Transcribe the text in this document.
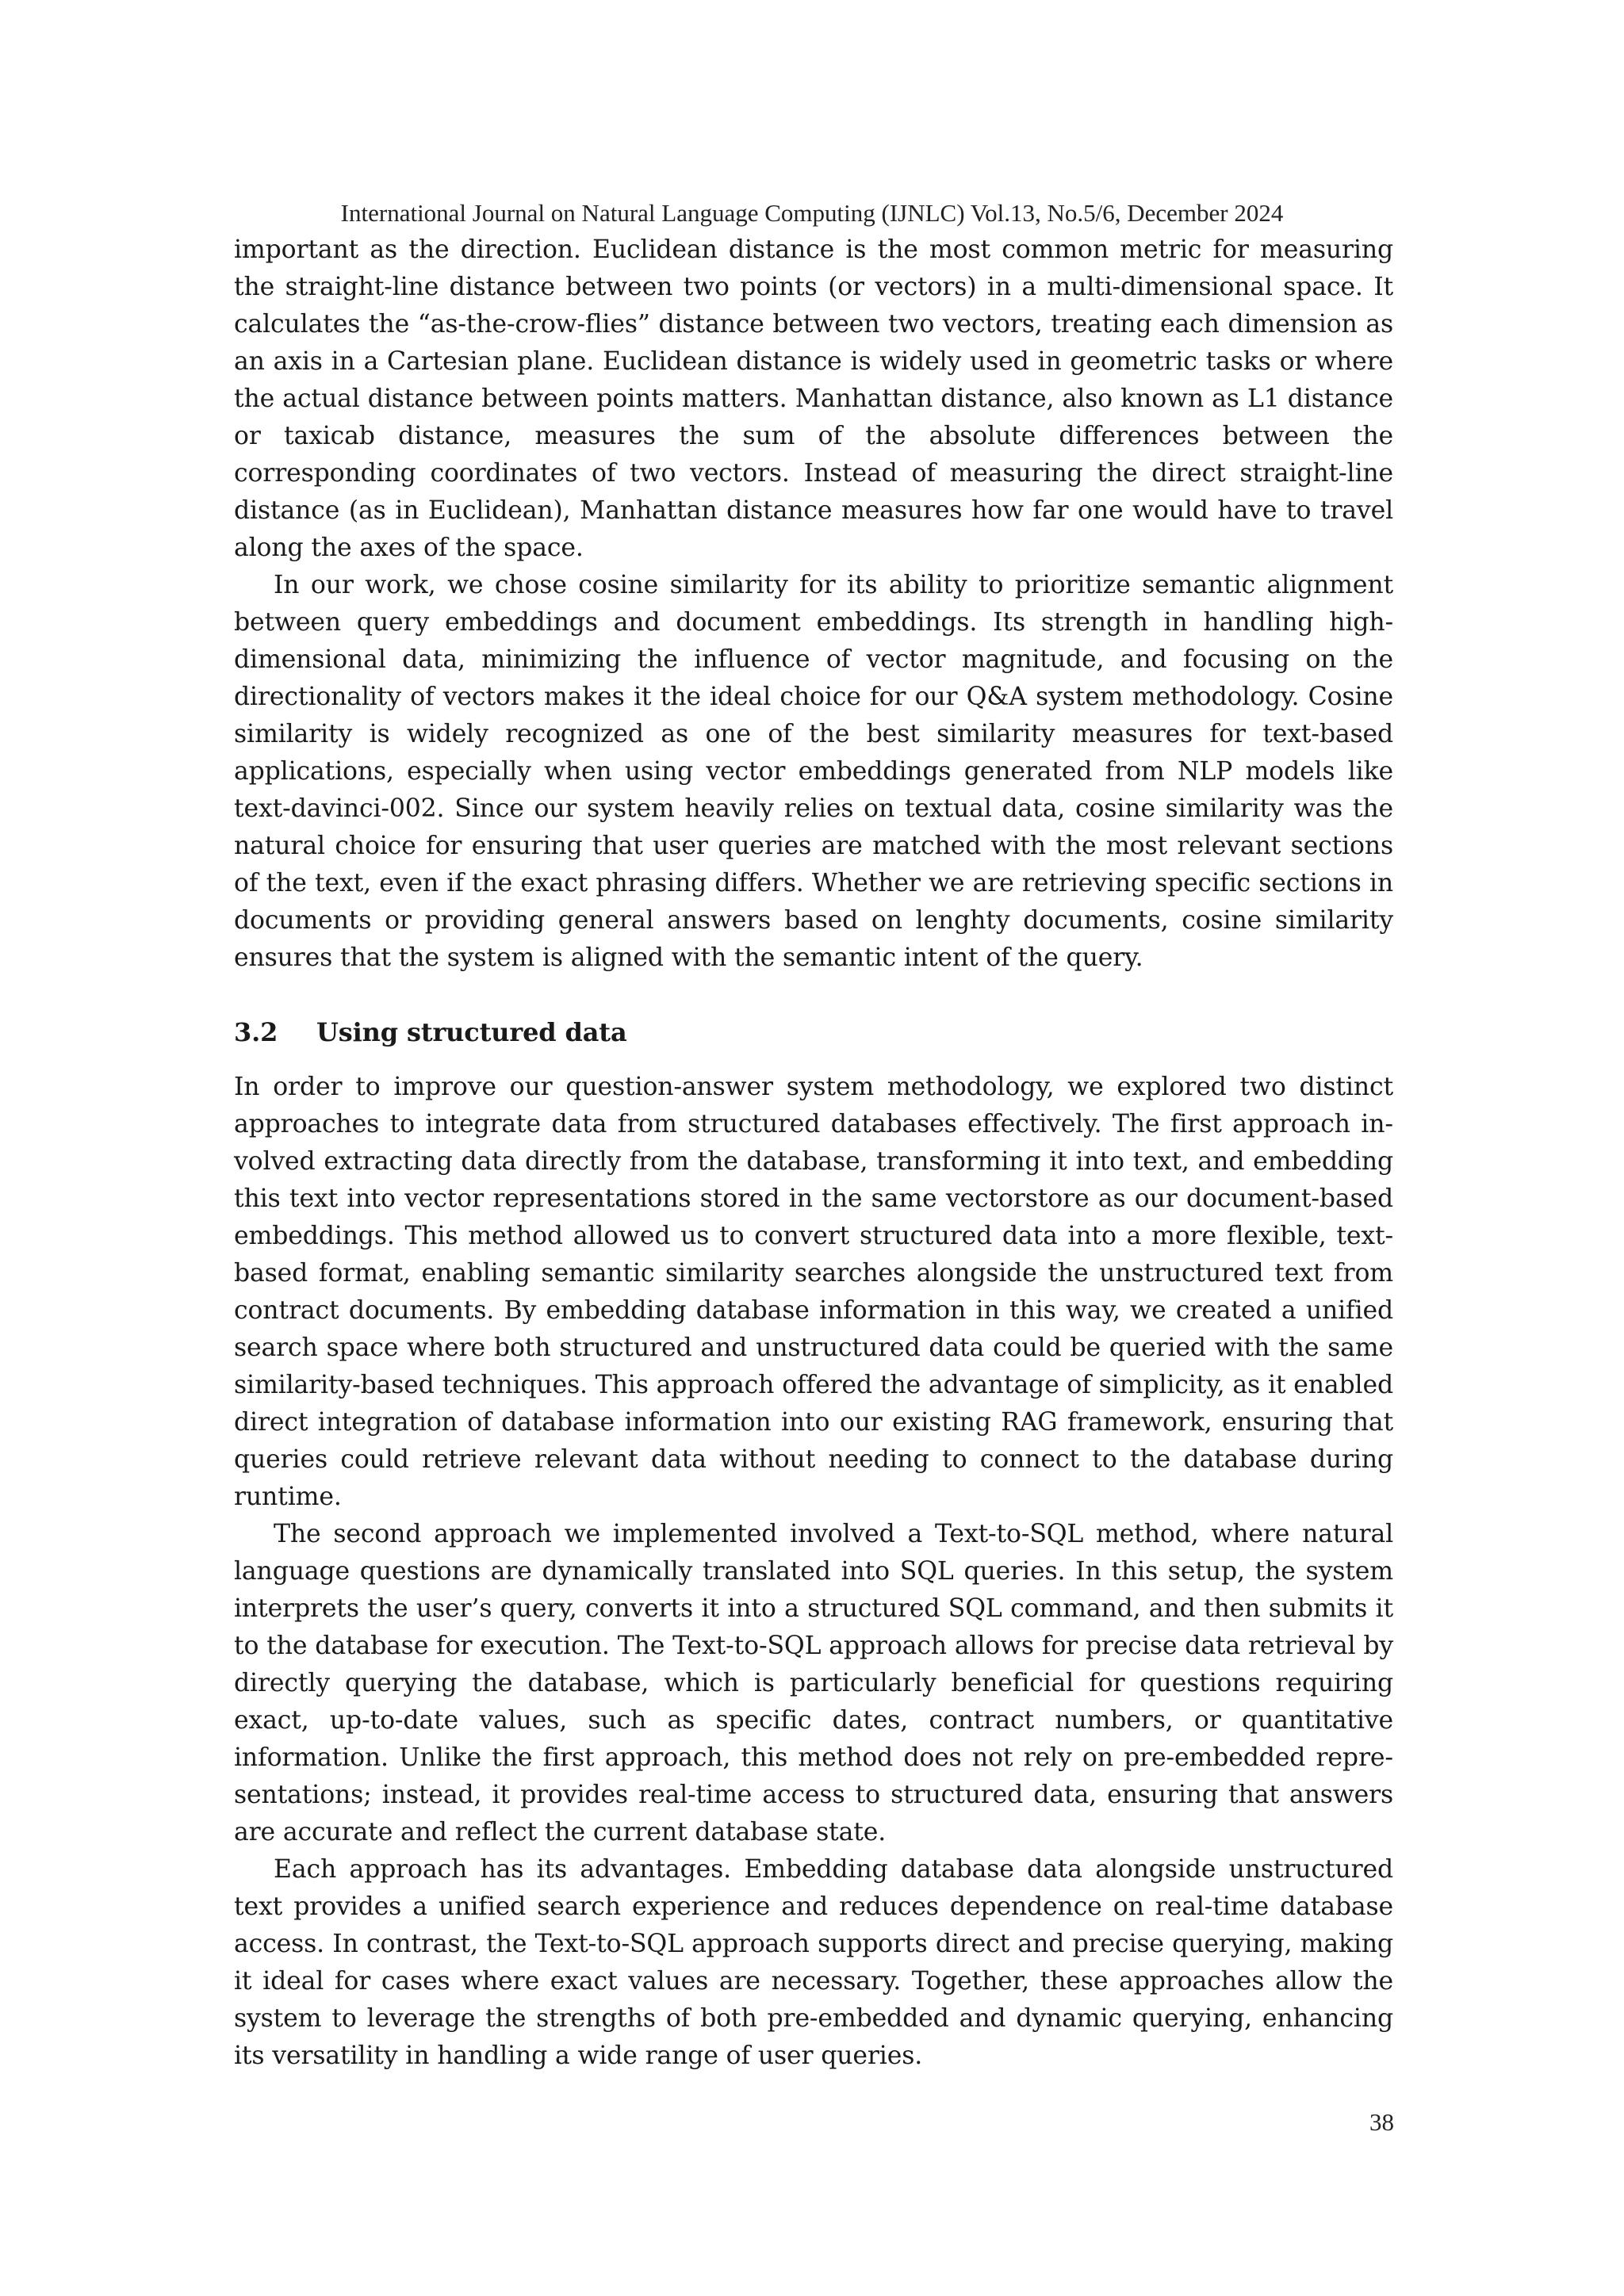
International Journal on Natural Language Computing (IJNLC) Vol.13, No.5/6, December 2024

important as the direction. Euclidean distance is the most common metric for measuring the straight-line distance between two points (or vectors) in a multi-dimensional space. It calculates the “as-the-crow-flies” distance between two vectors, treating each dimension as an axis in a Cartesian plane. Euclidean distance is widely used in geometric tasks or where the actual distance between points matters. Manhattan distance, also known as L1 distance or taxicab distance, measures the sum of the absolute differences between the corresponding coordinates of two vectors. Instead of measuring the direct straight-line distance (as in Euclidean), Manhattan distance measures how far one would have to travel along the axes of the space.

In our work, we chose cosine similarity for its ability to prioritize semantic alignment between query embeddings and document embeddings. Its strength in handling high-dimensional data, minimizing the influence of vector magnitude, and focusing on the directionality of vectors makes it the ideal choice for our Q&A system methodology. Cosine similarity is widely recognized as one of the best similarity measures for text-based applications, especially when using vector embeddings generated from NLP models like text-davinci-002. Since our system heavily relies on textual data, cosine similarity was the natural choice for ensuring that user queries are matched with the most relevant sections of the text, even if the exact phrasing differs. Whether we are retrieving specific sections in documents or providing general answers based on lenghty documents, cosine similarity ensures that the system is aligned with the semantic intent of the query.

3.2 Using structured data

In order to improve our question-answer system methodology, we explored two distinct approaches to integrate data from structured databases effectively. The first approach involved extracting data directly from the database, transforming it into text, and embedding this text into vector representations stored in the same vectorstore as our document-based embeddings. This method allowed us to convert structured data into a more flexible, text-based format, enabling semantic similarity searches alongside the unstructured text from contract documents. By embedding database information in this way, we created a unified search space where both structured and unstructured data could be queried with the same similarity-based techniques. This approach offered the advantage of simplicity, as it enabled direct integration of database information into our existing RAG framework, ensuring that queries could retrieve relevant data without needing to connect to the database during runtime.

The second approach we implemented involved a Text-to-SQL method, where natural language questions are dynamically translated into SQL queries. In this setup, the system interprets the user’s query, converts it into a structured SQL command, and then submits it to the database for execution. The Text-to-SQL approach allows for precise data retrieval by directly querying the database, which is particularly beneficial for questions requiring exact, up-to-date values, such as specific dates, contract numbers, or quantitative information. Unlike the first approach, this method does not rely on pre-embedded representations; instead, it provides real-time access to structured data, ensuring that answers are accurate and reflect the current database state.

Each approach has its advantages. Embedding database data alongside unstructured text provides a unified search experience and reduces dependence on real-time database access. In contrast, the Text-to-SQL approach supports direct and precise querying, making it ideal for cases where exact values are necessary. Together, these approaches allow the system to leverage the strengths of both pre-embedded and dynamic querying, enhancing its versatility in handling a wide range of user queries.

38
